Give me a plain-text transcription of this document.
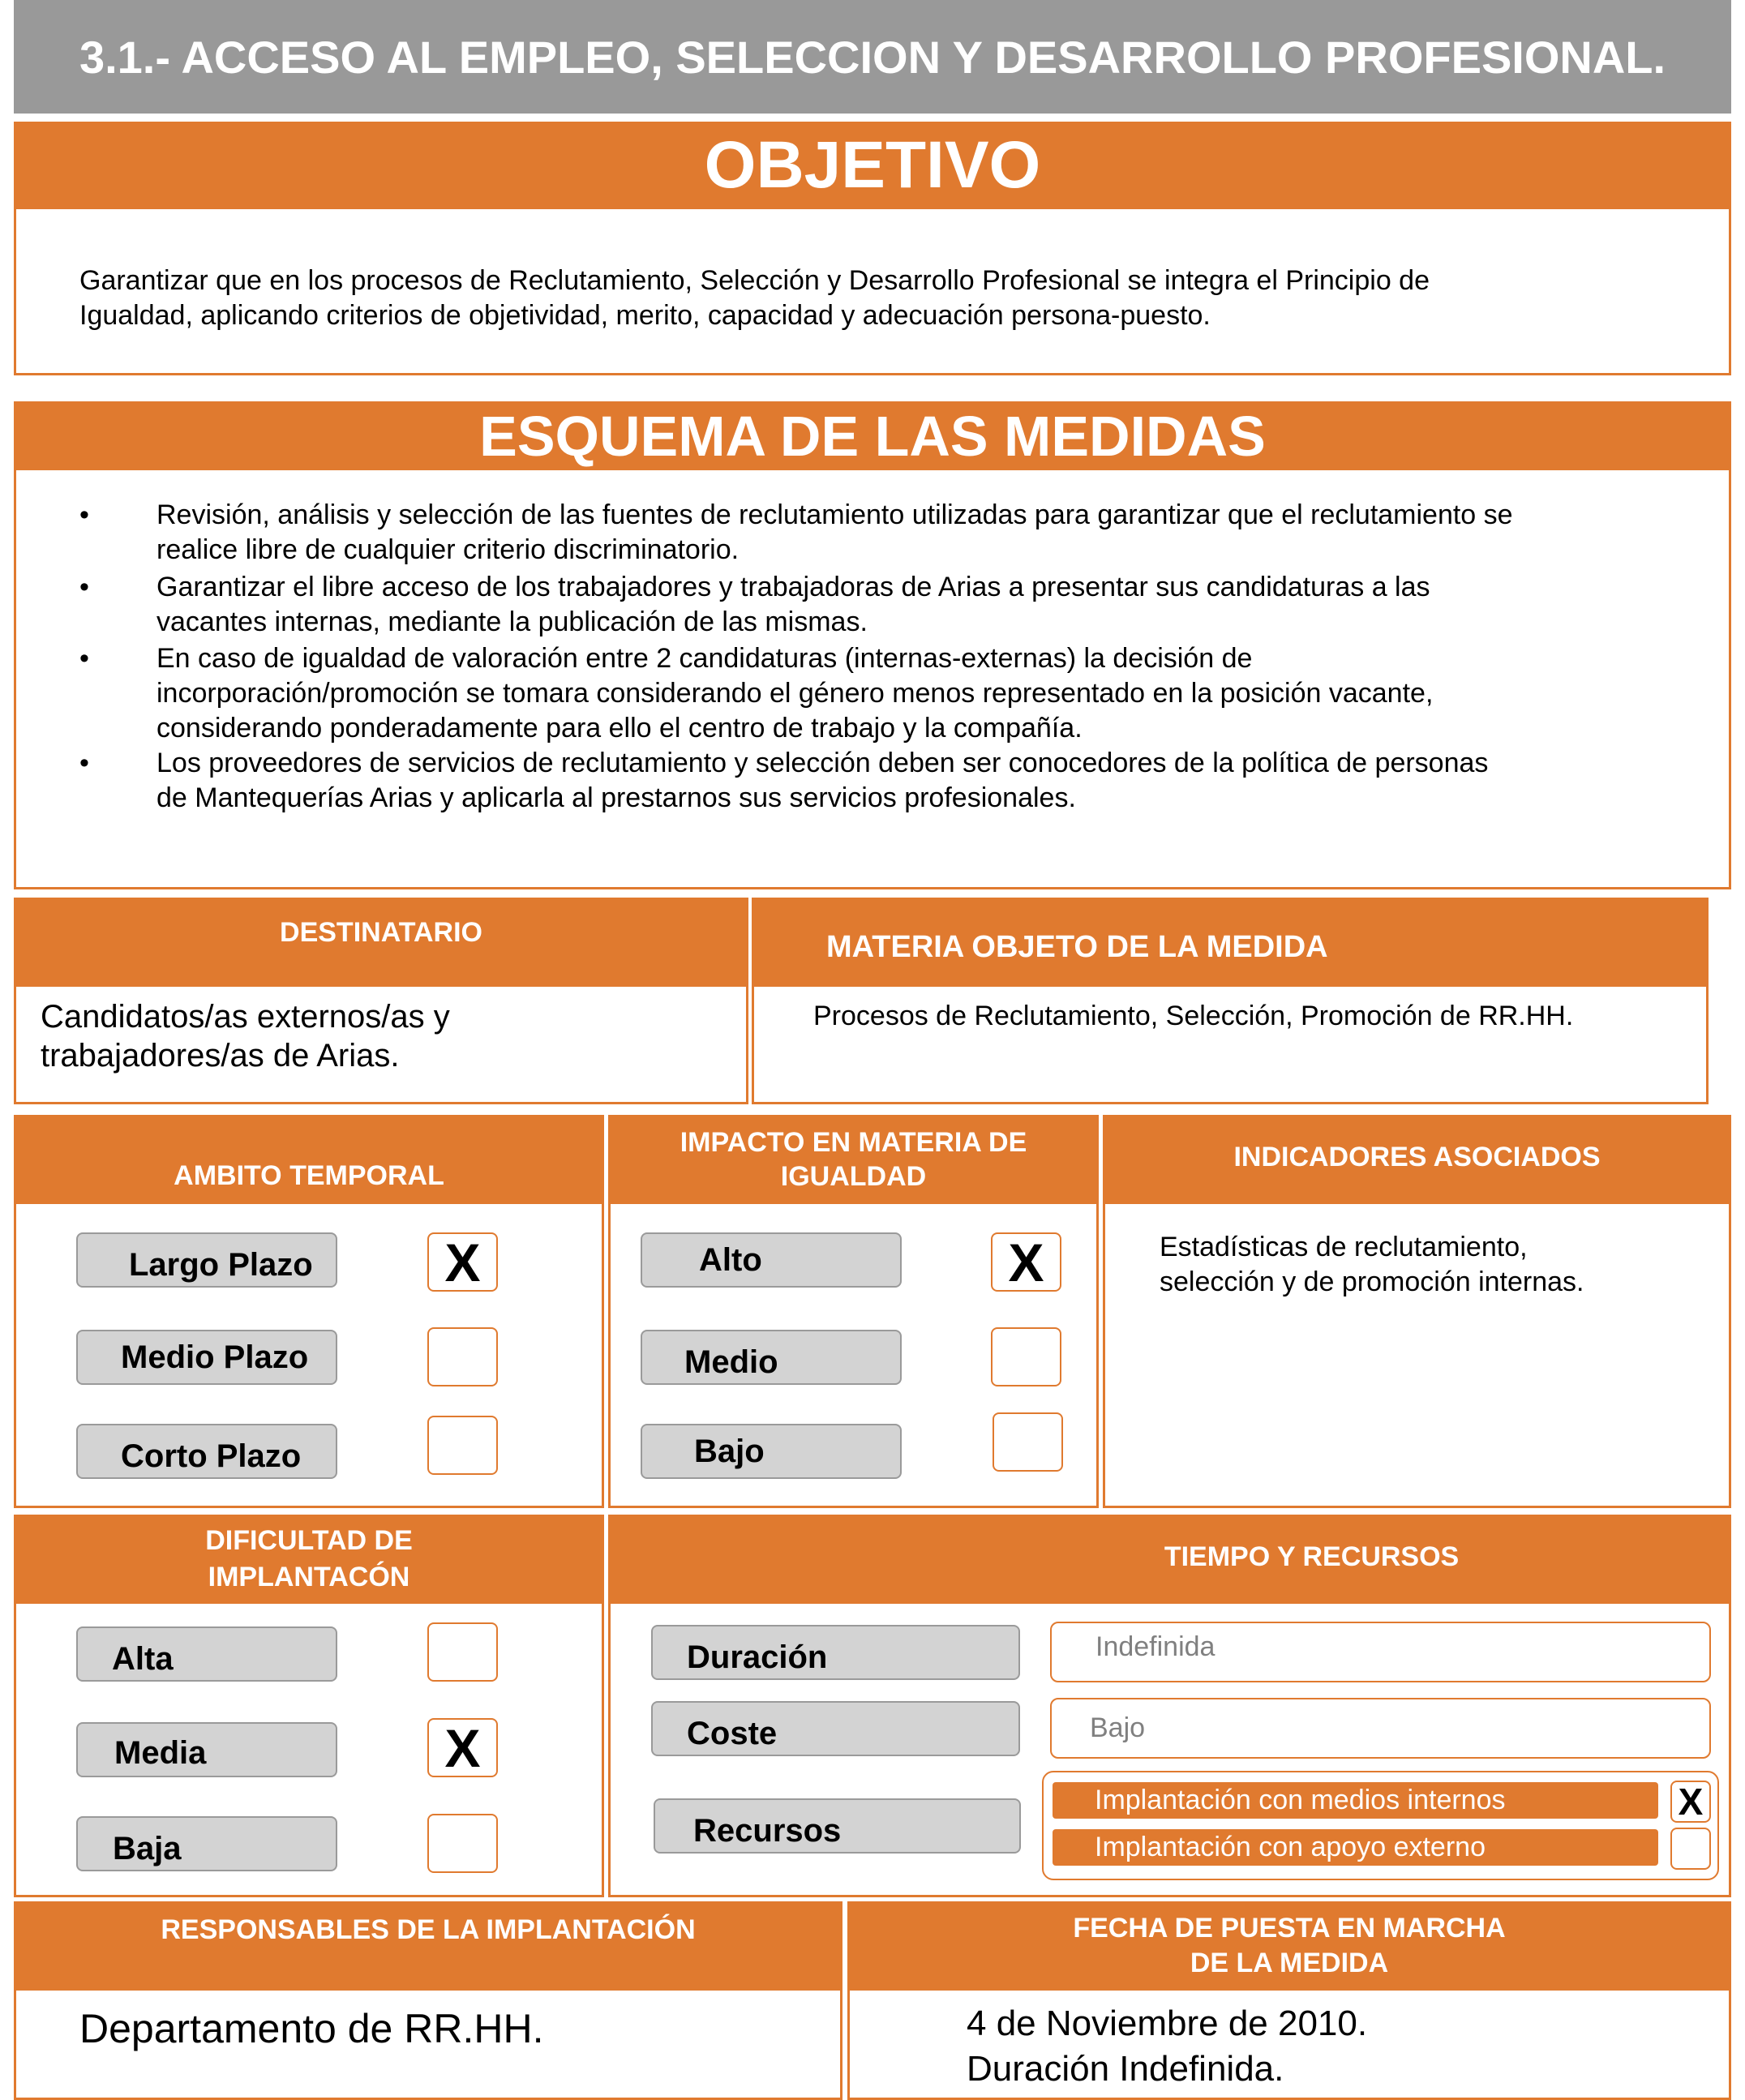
3.1.- ACCESO AL EMPLEO, SELECCION Y DESARROLLO PROFESIONAL.
OBJETIVO
Garantizar que en los procesos de Reclutamiento, Selección y Desarrollo Profesional se integra el Principio de
Igualdad, aplicando criterios de objetividad, merito, capacidad y adecuación persona-puesto.
ESQUEMA DE LAS MEDIDAS
• Revisión, análisis y selección de las fuentes de reclutamiento utilizadas para garantizar que el reclutamiento se
realice libre de cualquier criterio discriminatorio.
• Garantizar el libre acceso de los trabajadores y trabajadoras de Arias a presentar sus candidaturas a las
vacantes internas, mediante la publicación de las mismas.
• En caso de igualdad de valoración entre 2 candidaturas (internas-externas) la decisión de
incorporación/promoción se tomara considerando el género menos representado en la posición vacante,
considerando ponderadamente para ello el centro de trabajo y la compañía.
• Los proveedores de servicios de reclutamiento y selección deben ser conocedores de la política de personas
de Mantequerías Arias y aplicarla al prestarnos sus servicios profesionales.
DESTINATARIO
Candidatos/as externos/as y
trabajadores/as de Arias.
MATERIA OBJETO DE LA MEDIDA
Procesos de Reclutamiento, Selección, Promoción de RR.HH.
AMBITO TEMPORAL
Largo Plazo X
Medio Plazo
Corto Plazo
IMPACTO EN MATERIA DE
IGUALDAD
Alto	X
Medio
Bajo
INDICADORES ASOCIADOS
Estadísticas de reclutamiento,
selección y de promoción internas.
DIFICULTAD DE
IMPLANTACÓN
Alta
Media	X
Baja
TIEMPO Y RECURSOS
Duración	Indefinida
Coste	Bajo
Recursos
Implantación con medios internos	X
Implantación con apoyo externo
RESPONSABLES DE LA IMPLANTACIÓN
Departamento de RR.HH.
FECHA DE PUESTA EN MARCHA
DE LA MEDIDA
4 de Noviembre de 2010.
Duración Indefinida.
